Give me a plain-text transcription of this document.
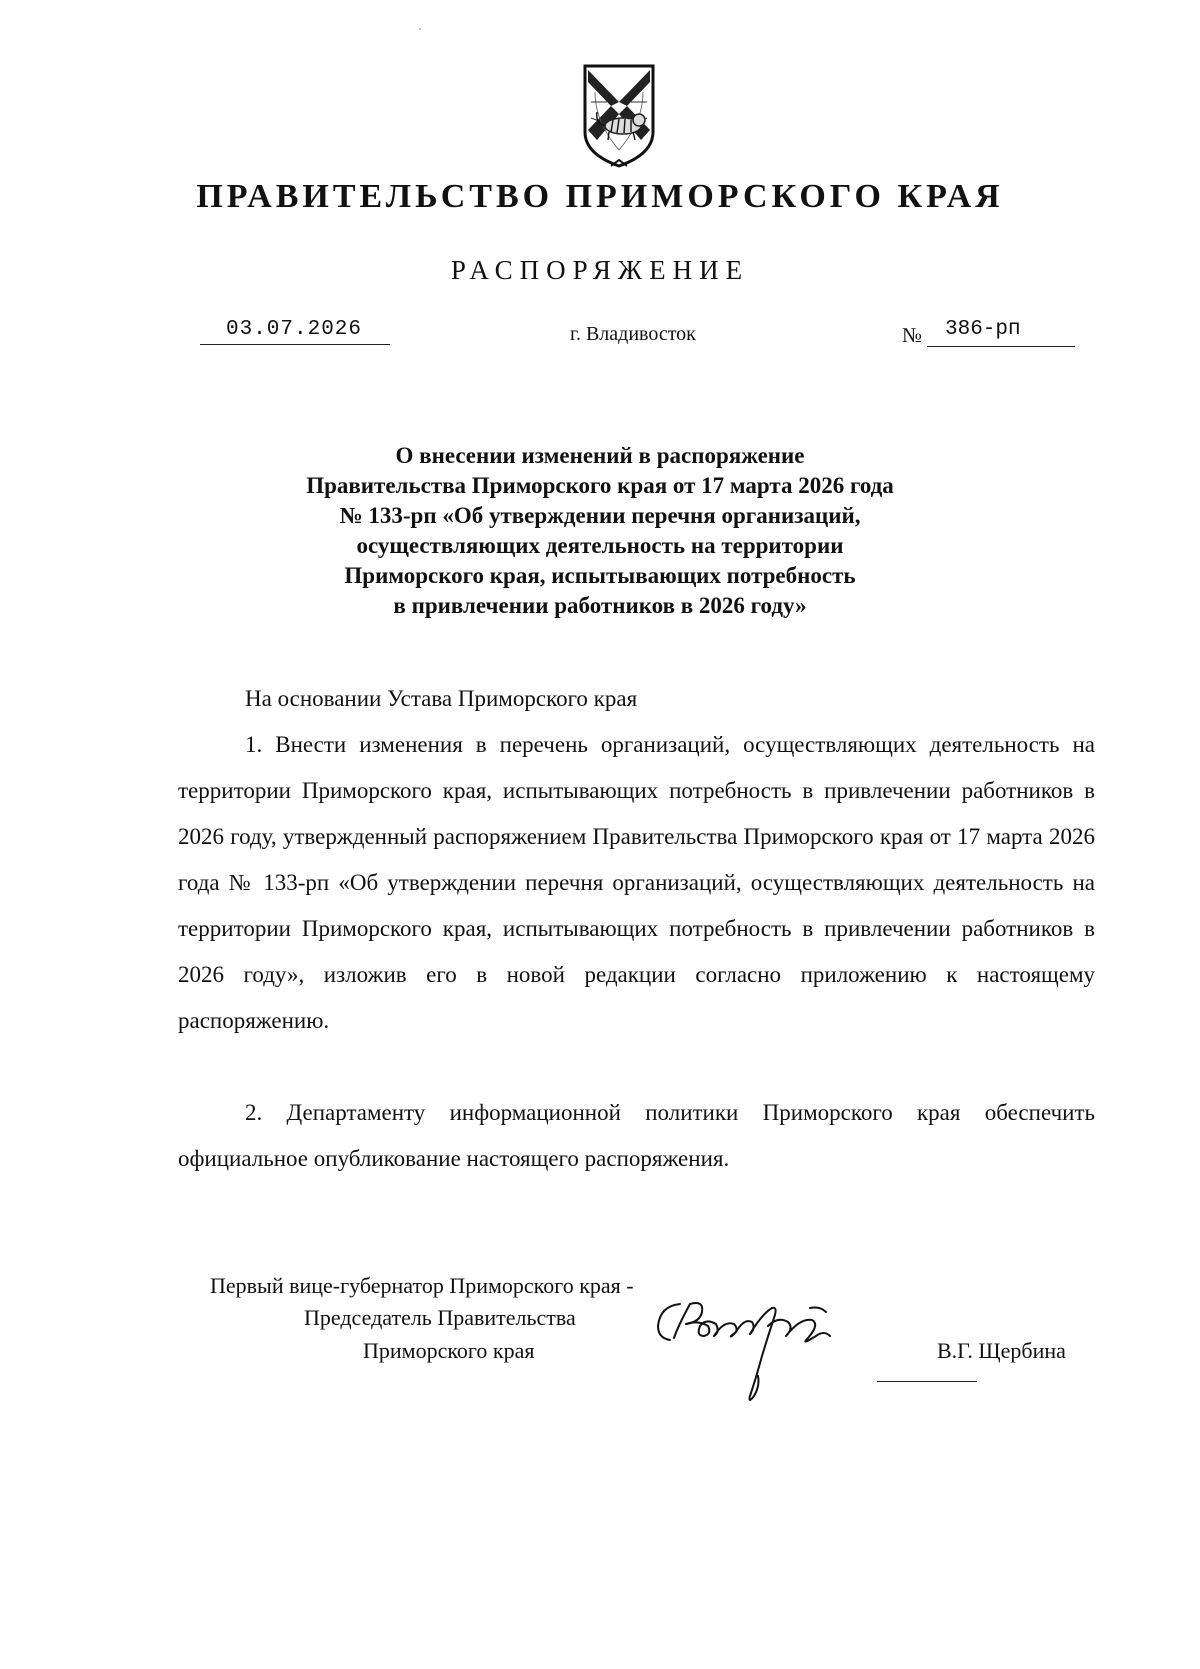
ПРАВИТЕЛЬСТВО ПРИМОРСКОГО КРАЯ
РАСПОРЯЖЕНИЕ
03.07.2026	г. Владивосток	№ 386-рп
О внесении изменений в распоряжение
Правительства Приморского края от 17 марта 2026 года
№ 133-рп «Об утверждении перечня организаций,
осуществляющих деятельность на территории
Приморского края, испытывающих потребность
в привлечении работников в 2026 году»
На основании Устава Приморского края
1. Внести изменения в перечень организаций, осуществляющих деятельность на территории Приморского края, испытывающих потребность в привлечении работников в 2026 году, утвержденный распоряжением Правительства Приморского края от 17 марта 2026 года № 133-рп «Об утверждении перечня организаций, осуществляющих деятельность на территории Приморского края, испытывающих потребность в привлечении работников в 2026 году», изложив его в новой редакции согласно приложению к настоящему распоряжению.
2. Департаменту информационной политики Приморского края обеспечить официальное опубликование настоящего распоряжения.
Первый вице-губернатор Приморского края -
Председатель Правительства
Приморского края	В.Г. Щербина
